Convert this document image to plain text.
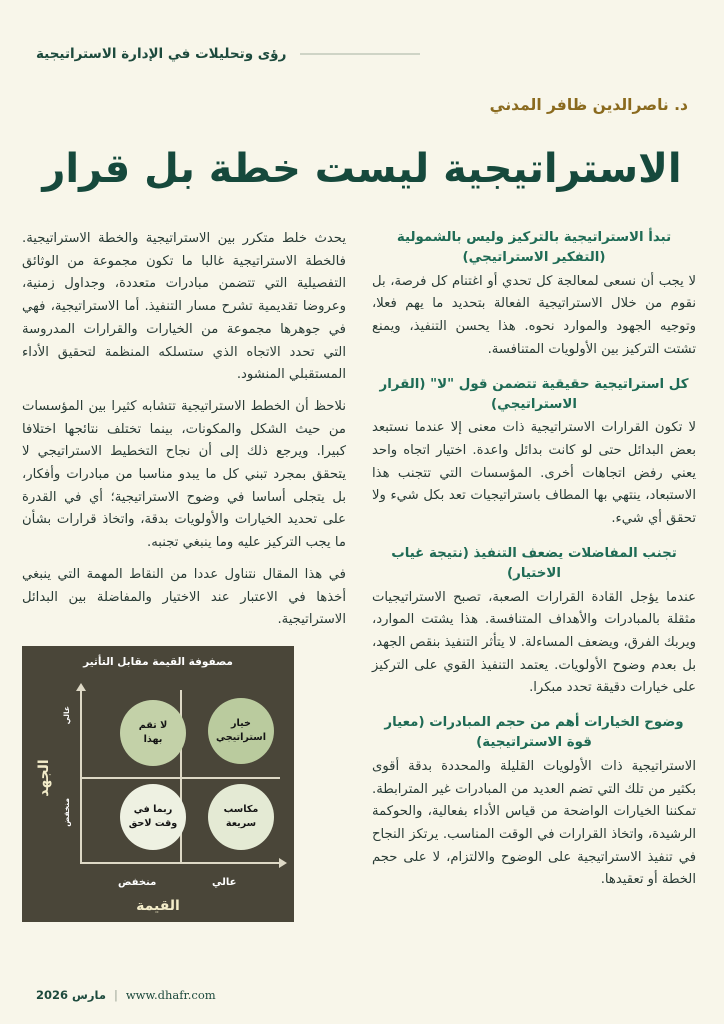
رؤى وتحليلات في الإدارة الاستراتيجية
د. ناصرالدين ظافر المدني
الاستراتيجية ليست خطة بل قرار
تبدأ الاستراتيجية بالتركيز وليس بالشمولية (التفكير الاستراتيجي)

لا يجب أن نسعى لمعالجة كل تحدي أو اغتنام كل فرصة، بل نقوم من خلال الاستراتيجية الفعالة بتحديد ما يهم فعلا، وتوجيه الجهود والموارد نحوه. هذا يحسن التنفيذ، ويمنع تشتت التركيز بين الأولويات المتنافسة.

كل استراتيجية حقيقية تتضمن قول "لا" (القرار الاستراتيجي)

لا تكون القرارات الاستراتيجية ذات معنى إلا عندما نستبعد بعض البدائل حتى لو كانت بدائل واعدة. اختيار اتجاه واحد يعني رفض اتجاهات أخرى. المؤسسات التي تتجنب هذا الاستبعاد، ينتهي بها المطاف باستراتيجيات تعد بكل شيء ولا تحقق أي شيء.

تجنب المفاضلات يضعف التنفيذ (نتيجة غياب الاختيار)

عندما يؤجل القادة القرارات الصعبة، تصبح الاستراتيجيات مثقلة بالمبادرات والأهداف المتنافسة. هذا يشتت الموارد، ويربك الفرق، ويضعف المساءلة. لا يتأثر التنفيذ بنقص الجهد، بل بعدم وضوح الأولويات. يعتمد التنفيذ القوي على التركيز على خيارات دقيقة تحدد مبكرا.

وضوح الخيارات أهم من حجم المبادرات (معيار قوة الاستراتيجية)

الاستراتيجية ذات الأولويات القليلة والمحددة بدقة أقوى بكثير من تلك التي تضم العديد من المبادرات غير المترابطة. تمكننا الخيارات الواضحة من قياس الأداء بفعالية، والحوكمة الرشيدة، واتخاذ القرارات في الوقت المناسب. يرتكز النجاح في تنفيذ الاستراتيجية على الوضوح والالتزام، لا على حجم الخطة أو تعقيدها.

يحدث خلط متكرر بين الاستراتيجية والخطة الاستراتيجية. فالخطة الاستراتيجية غالبا ما تكون مجموعة من الوثائق التفصيلية التي تتضمن مبادرات متعددة، وجداول زمنية، وعروضا تقديمية تشرح مسار التنفيذ. أما الاستراتيجية، فهي في جوهرها مجموعة من الخيارات والقرارات المدروسة التي تحدد الاتجاه الذي ستسلكه المنظمة لتحقيق الأداء المستقبلي المنشود.

نلاحظ أن الخطط الاستراتيجية تتشابه كثيرا بين المؤسسات من حيث الشكل والمكونات، بينما تختلف نتائجها اختلافا كبيرا. ويرجع ذلك إلى أن نجاح التخطيط الاستراتيجي لا يتحقق بمجرد تبني كل ما يبدو مناسبا من مبادرات وأفكار، بل يتجلى أساسا في وضوح الاستراتيجية؛ أي في القدرة على تحديد الخيارات والأولويات بدقة، واتخاذ قرارات بشأن ما يجب التركيز عليه وما ينبغي تجنبه.

في هذا المقال نتناول عددا من النقاط المهمة التي ينبغي أخذها في الاعتبار عند الاختيار والمفاضلة بين البدائل الاستراتيجية.

مصفوفة القيمة مقابل التأثير
الجهد
عالي
منخفض
لا تقم
بهذا
خيار
استراتيجي
ربما في
وقت لاحق
مكاسب
سريعة
منخفض	عالي
القيمة
مارس 2026 | www.dhafr.com
